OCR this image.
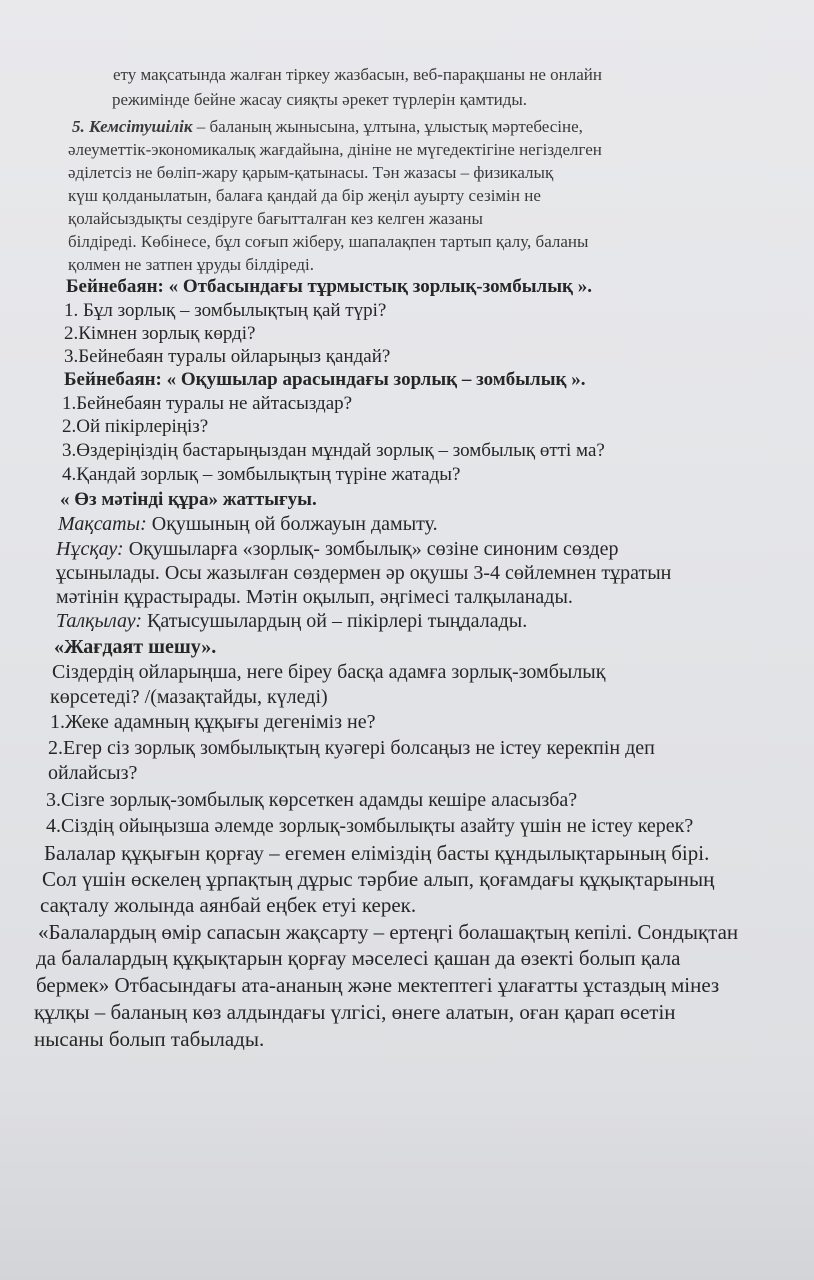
ету мақсатында жалған тіркеу жазбасын, веб-парақшаны не онлайн
режимінде бейне жасау сияқты әрекет түрлерін қамтиды.
5. Кемсітушілік – баланың жынысына, ұлтына, ұлыстық мәртебесіне,
әлеуметтік-экономикалық жағдайына, дініне не мүгедектігіне негізделген
әділетсіз не бөліп-жару қарым-қатынасы. Тән жазасы – физикалық
күш қолданылатын, балаға қандай да бір жеңіл ауырту сезімін не
қолайсыздықты сездіруге бағытталған кез келген жазаны
білдіреді. Көбінесе, бұл соғып жіберу, шапалақпен тартып қалу, баланы
қолмен не затпен ұруды білдіреді.
Бейнебаян: « Отбасындағы тұрмыстық зорлық-зомбылық ».
1. Бұл зорлық – зомбылықтың қай түрі?
2.Кімнен зорлық көрді?
3.Бейнебаян туралы ойларыңыз қандай?
Бейнебаян: « Оқушылар арасындағы зорлық – зомбылық ».
1.Бейнебаян туралы не айтасыздар?
2.Ой пікірлеріңіз?
3.Өздеріңіздің бастарыңыздан мұндай зорлық – зомбылық өтті ма?
4.Қандай зорлық – зомбылықтың түріне жатады?
« Өз мәтінді құра» жаттығуы.
Мақсаты: Оқушының ой болжауын дамыту.
Нұсқау: Оқушыларға «зорлық- зомбылық» сөзіне синоним сөздер
ұсынылады. Осы жазылған сөздермен әр оқушы 3-4 сөйлемнен тұратын
мәтінін құрастырады. Мәтін оқылып, әңгімесі талқыланады.
Талқылау: Қатысушылардың ой – пікірлері тыңдалады.
«Жағдаят шешу».
Сіздердің ойларыңша, неге біреу басқа адамға зорлық-зомбылық
көрсетеді? /(мазақтайды, күледі)
1.Жеке адамның құқығы дегеніміз не?
2.Егер сіз зорлық зомбылықтың куәгері болсаңыз не істеу керекпін деп
ойлайсыз?
3.Сізге зорлық-зомбылық көрсеткен адамды кешіре аласызба?
4.Сіздің ойыңызша әлемде зорлық-зомбылықты азайту үшін не істеу керек?
Балалар құқығын қорғау – егемен еліміздің басты құндылықтарының бірі.
Сол үшін өскелең ұрпақтың дұрыс тәрбие алып, қоғамдағы құқықтарының
сақталу жолында аянбай еңбек етуі керек.
«Балалардың өмір сапасын жақсарту – ертеңгі болашақтың кепілі. Сондықтан
да балалардың құқықтарын қорғау мәселесі қашан да өзекті болып қала
бермек» Отбасындағы ата-ананың және мектептегі ұлағатты ұстаздың мінез
құлқы – баланың көз алдындағы үлгісі, өнеге алатын, оған қарап өсетін
нысаны болып табылады.
